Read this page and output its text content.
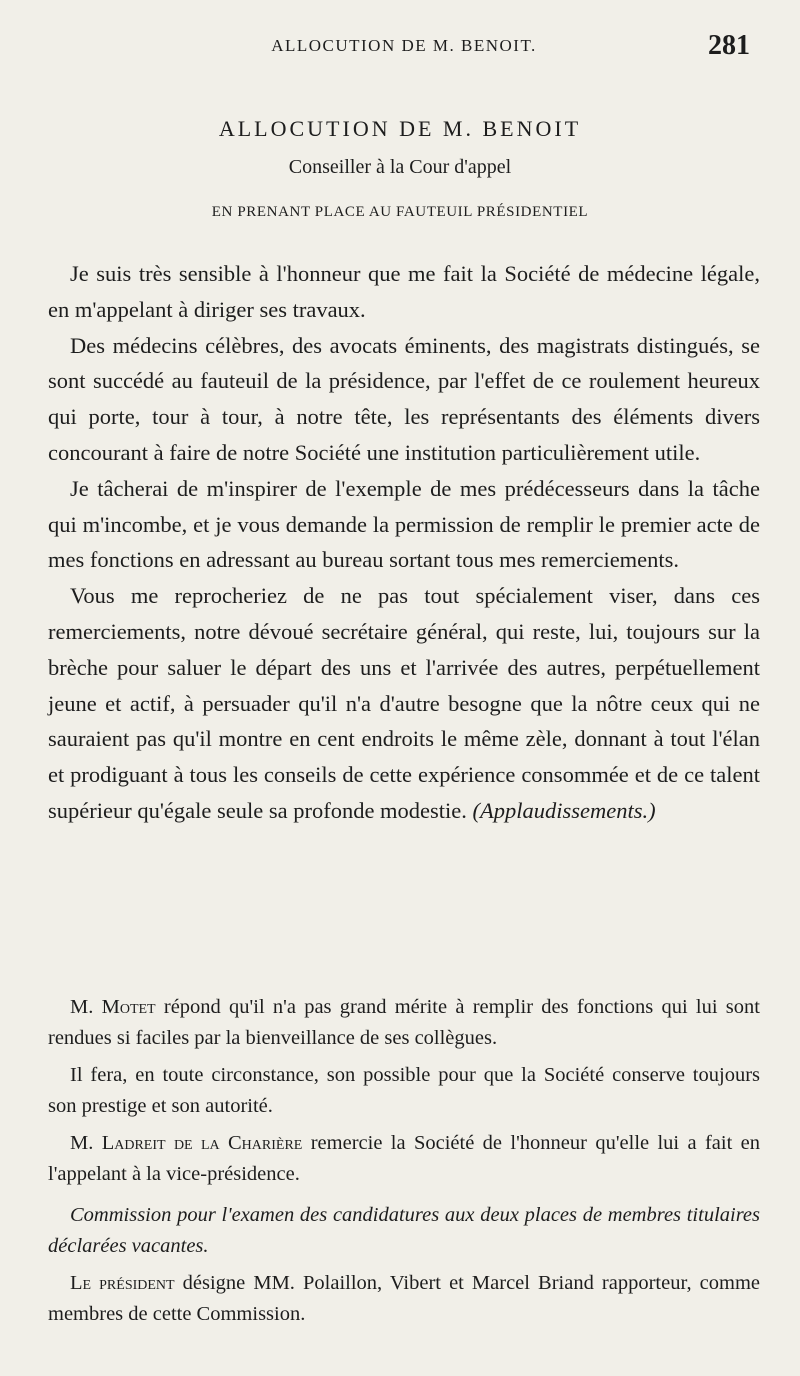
ALLOCUTION DE M. BENOIT.	281
ALLOCUTION DE M. BENOIT
Conseiller à la Cour d'appel
EN PRENANT PLACE AU FAUTEUIL PRÉSIDENTIEL

Je suis très sensible à l'honneur que me fait la Société de médecine légale, en m'appelant à diriger ses travaux.

Des médecins célèbres, des avocats éminents, des magistrats distingués, se sont succédé au fauteuil de la présidence, par l'effet de ce roulement heureux qui porte, tour à tour, à notre tête, les représentants des éléments divers concourant à faire de notre Société une institution particulièrement utile.

Je tâcherai de m'inspirer de l'exemple de mes prédécesseurs dans la tâche qui m'incombe, et je vous demande la permission de remplir le premier acte de mes fonctions en adressant au bureau sortant tous mes remerciements.

Vous me reprocheriez de ne pas tout spécialement viser, dans ces remerciements, notre dévoué secrétaire général, qui reste, lui, toujours sur la brèche pour saluer le départ des uns et l'arrivée des autres, perpétuellement jeune et actif, à persuader qu'il n'a d'autre besogne que la nôtre ceux qui ne sauraient pas qu'il montre en cent endroits le même zèle, donnant à tout l'élan et prodiguant à tous les conseils de cette expérience consommée et de ce talent supérieur qu'égale seule sa profonde modestie. (Applaudissements.)

M. Motet répond qu'il n'a pas grand mérite à remplir des fonctions qui lui sont rendues si faciles par la bienveillance de ses collègues.

Il fera, en toute circonstance, son possible pour que la Société conserve toujours son prestige et son autorité.

M. Ladreit de la Charière remercie la Société de l'honneur qu'elle lui a fait en l'appelant à la vice-présidence.

Commission pour l'examen des candidatures aux deux places de membres titulaires déclarées vacantes.

Le président désigne MM. Polaillon, Vibert et Marcel Briand rapporteur, comme membres de cette Commission.
